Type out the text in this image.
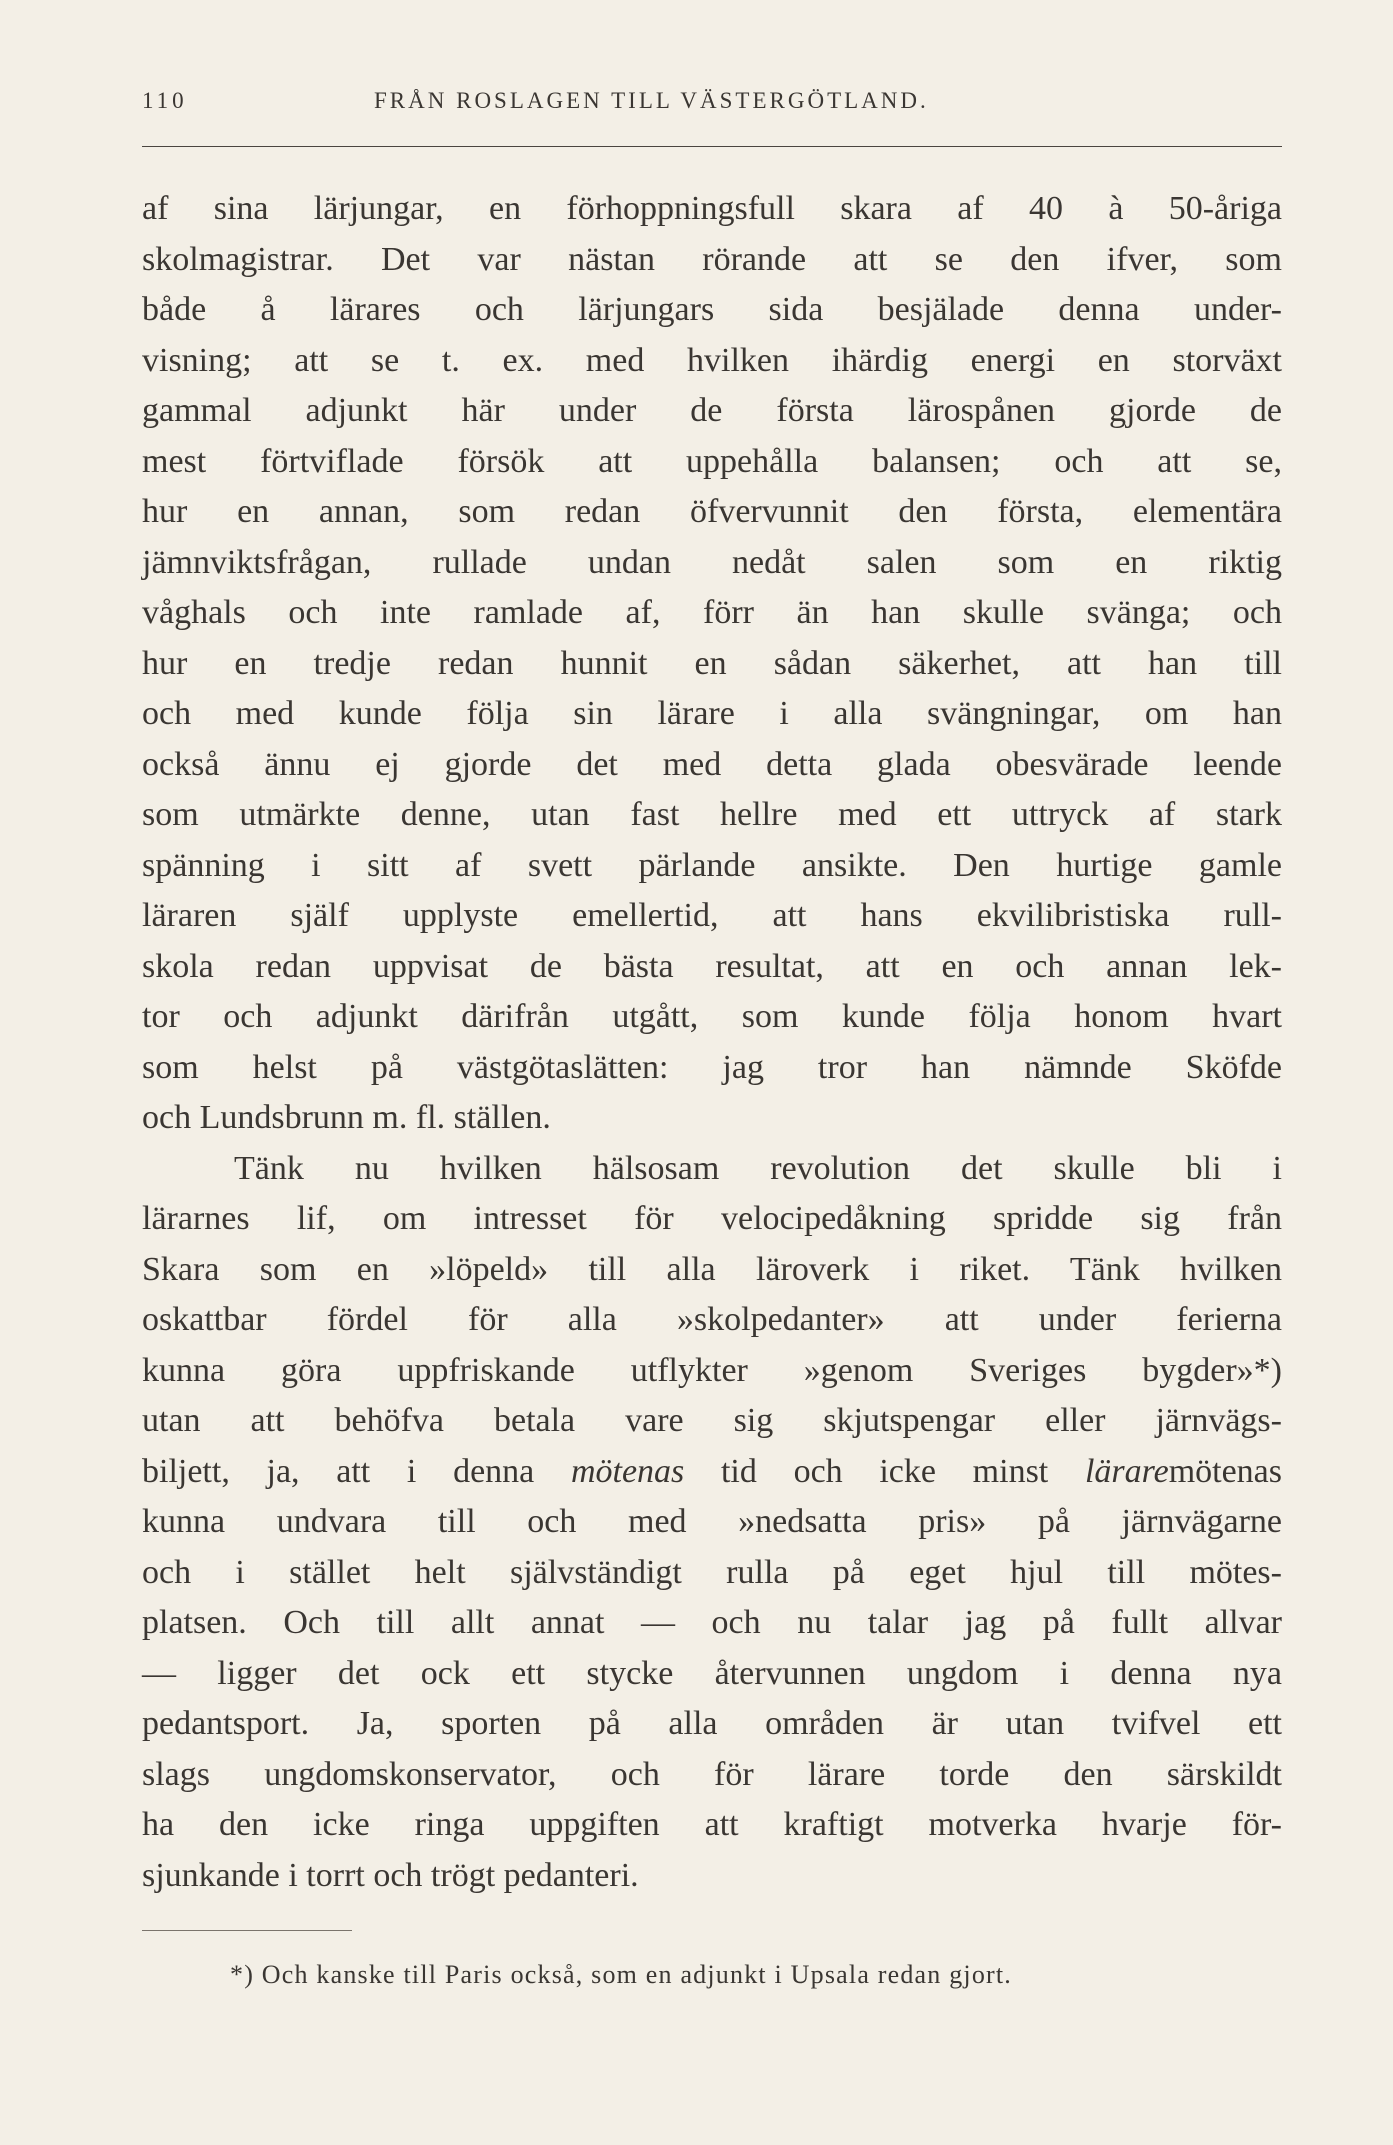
110	FRÅN ROSLAGEN TILL VÄSTERGÖTLAND.
af sina lärjungar, en förhoppningsfull skara af 40 à 50-åriga
skolmagistrar. Det var nästan rörande att se den ifver, som
både å lärares och lärjungars sida besjälade denna under-
visning; att se t. ex. med hvilken ihärdig energi en storväxt
gammal adjunkt här under de första lärospånen gjorde de
mest förtviflade försök att uppehålla balansen; och att se,
hur en annan, som redan öfvervunnit den första, elementära
jämnviktsfrågan, rullade undan nedåt salen som en riktig
våghals och inte ramlade af, förr än han skulle svänga; och
hur en tredje redan hunnit en sådan säkerhet, att han till
och med kunde följa sin lärare i alla svängningar, om han
också ännu ej gjorde det med detta glada obesvärade leende
som utmärkte denne, utan fast hellre med ett uttryck af stark
spänning i sitt af svett pärlande ansikte. Den hurtige gamle
läraren själf upplyste emellertid, att hans ekvilibristiska rull-
skola redan uppvisat de bästa resultat, att en och annan lek-
tor och adjunkt därifrån utgått, som kunde följa honom hvart
som helst på västgötaslätten: jag tror han nämnde Sköfde
och Lundsbrunn m. fl. ställen.
Tänk nu hvilken hälsosam revolution det skulle bli i
lärarnes lif, om intresset för velocipedåkning spridde sig från
Skara som en »löpeld» till alla läroverk i riket. Tänk hvilken
oskattbar fördel för alla »skolpedanter» att under ferierna
kunna göra uppfriskande utflykter »genom Sveriges bygder»*)
utan att behöfva betala vare sig skjutspengar eller järnvägs-
biljett, ja, att i denna mötenas tid och icke minst läraremötenas
kunna undvara till och med »nedsatta pris» på järnvägarne
och i stället helt självständigt rulla på eget hjul till mötes-
platsen. Och till allt annat — och nu talar jag på fullt allvar
— ligger det ock ett stycke återvunnen ungdom i denna nya
pedantsport. Ja, sporten på alla områden är utan tvifvel ett
slags ungdomskonservator, och för lärare torde den särskildt
ha den icke ringa uppgiften att kraftigt motverka hvarje för-
sjunkande i torrt och trögt pedanteri.
*) Och kanske till Paris också, som en adjunkt i Upsala redan gjort.
